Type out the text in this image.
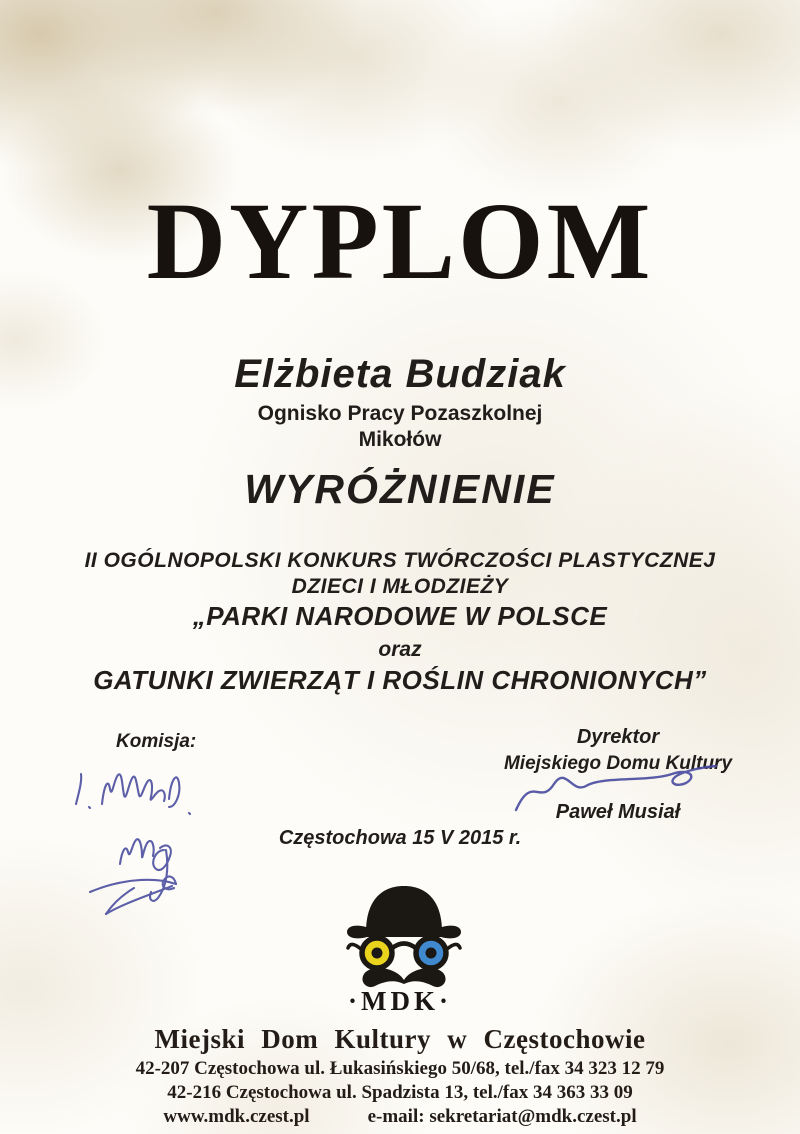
DYPLOM
Elżbieta Budziak
Ognisko Pracy Pozaszkolnej
Mikołów
WYRÓŻNIENIE
II OGÓLNOPOLSKI KONKURS TWÓRCZOŚCI PLASTYCZNEJ
DZIECI I MŁODZIEŻY
„PARKI NARODOWE W POLSCE
oraz
GATUNKI ZWIERZĄT I ROŚLIN CHRONIONYCH”
Komisja:	Dyrektor
Miejskiego Domu Kultury
Paweł Musiał
Częstochowa 15 V 2015 r.
·MDK·
Miejski Dom Kultury w Częstochowie
42-207 Częstochowa ul. Łukasińskiego 50/68, tel./fax 34 323 12 79
42-216 Częstochowa ul. Spadzista 13, tel./fax 34 363 33 09
www.mdk.czest.pl	e-mail: sekretariat@mdk.czest.pl
